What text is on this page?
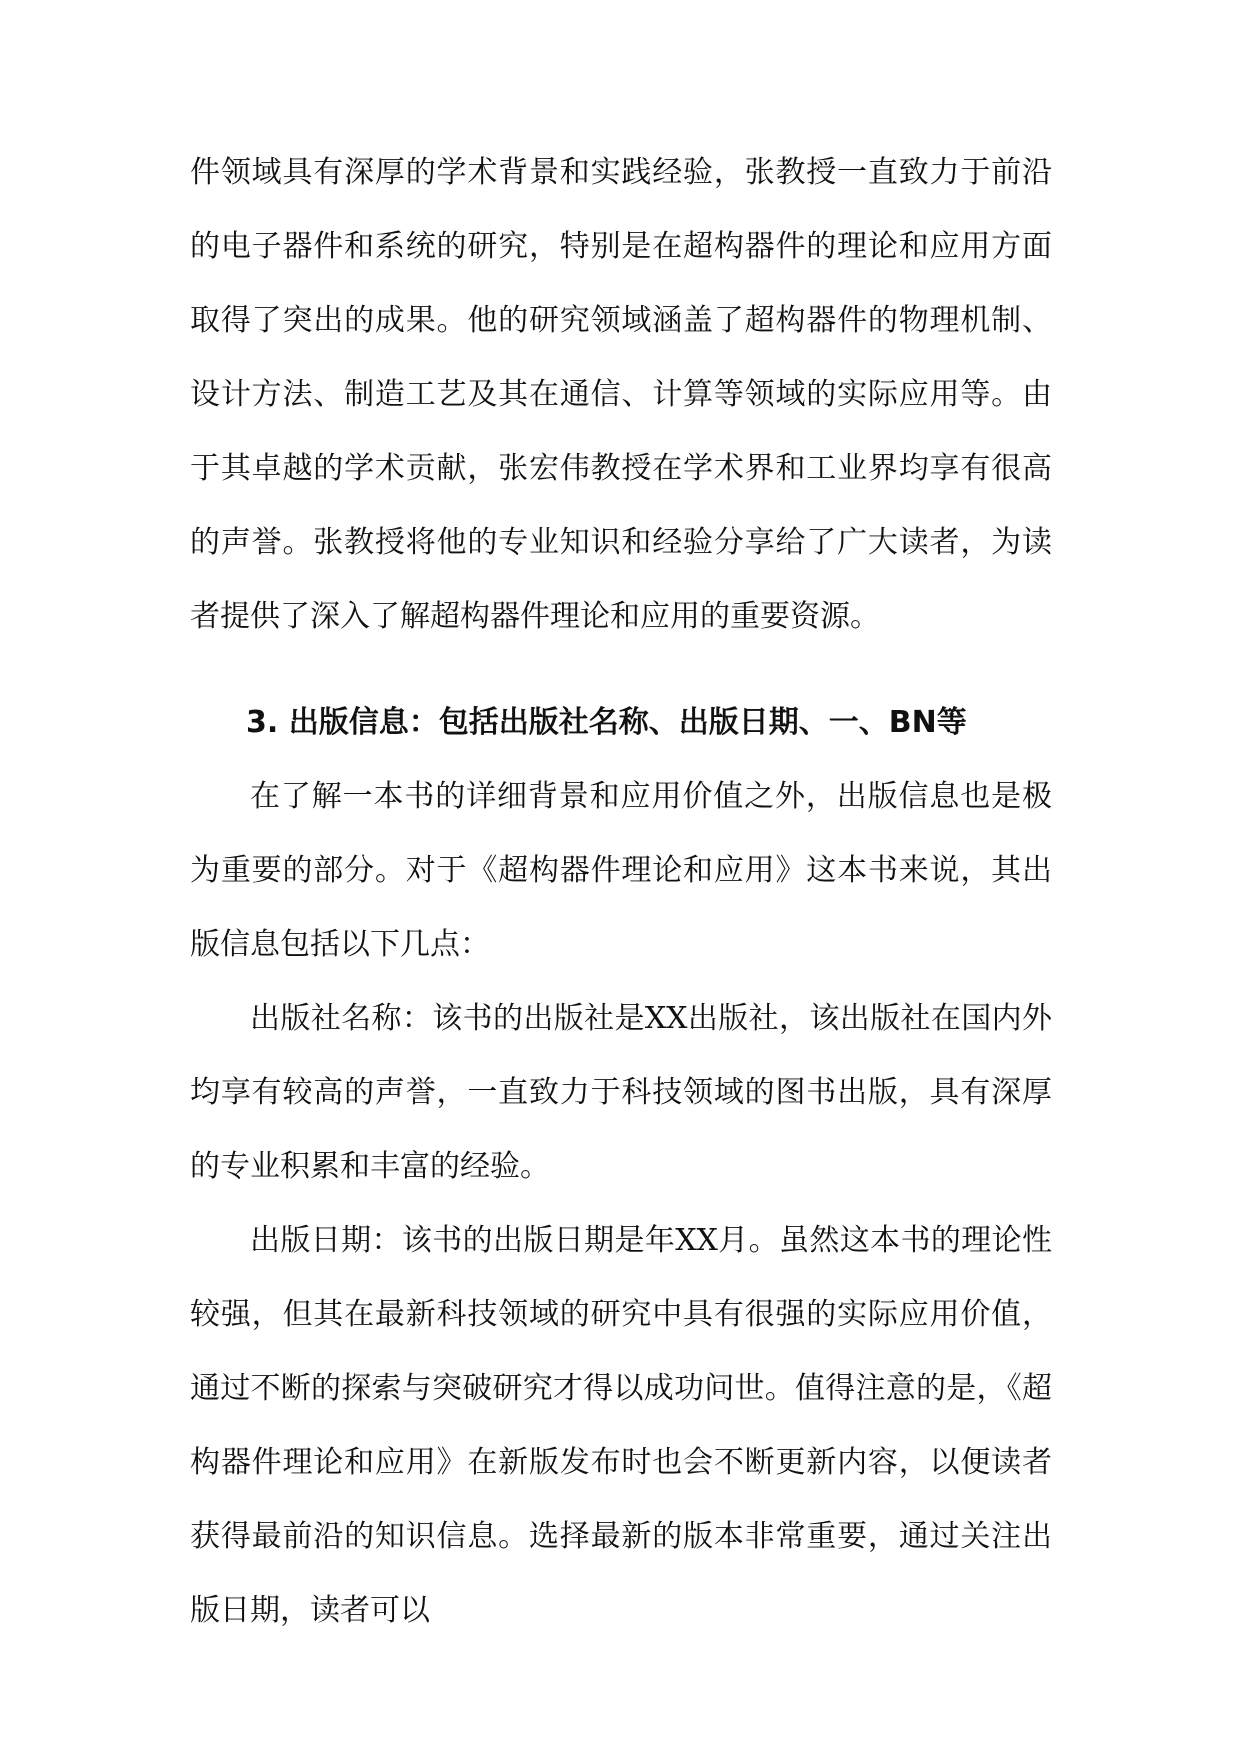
件领域具有深厚的学术背景和实践经验，张教授一直致力于前沿的电子器件和系统的研究，特别是在超构器件的理论和应用方面取得了突出的成果。他的研究领域涵盖了超构器件的物理机制、设计方法、制造工艺及其在通信、计算等领域的实际应用等。由于其卓越的学术贡献，张宏伟教授在学术界和工业界均享有很高的声誉。张教授将他的专业知识和经验分享给了广大读者，为读者提供了深入了解超构器件理论和应用的重要资源。

3. 出版信息：包括出版社名称、出版日期、一、BN等

在了解一本书的详细背景和应用价值之外，出版信息也是极为重要的部分。对于《超构器件理论和应用》这本书来说，其出版信息包括以下几点：

出版社名称：该书的出版社是XX出版社，该出版社在国内外均享有较高的声誉，一直致力于科技领域的图书出版，具有深厚的专业积累和丰富的经验。

出版日期：该书的出版日期是年XX月。虽然这本书的理论性较强，但其在最新科技领域的研究中具有很强的实际应用价值，通过不断的探索与突破研究才得以成功问世。值得注意的是，《超构器件理论和应用》在新版发布时也会不断更新内容，以便读者获得最前沿的知识信息。选择最新的版本非常重要，通过关注出版日期，读者可以
